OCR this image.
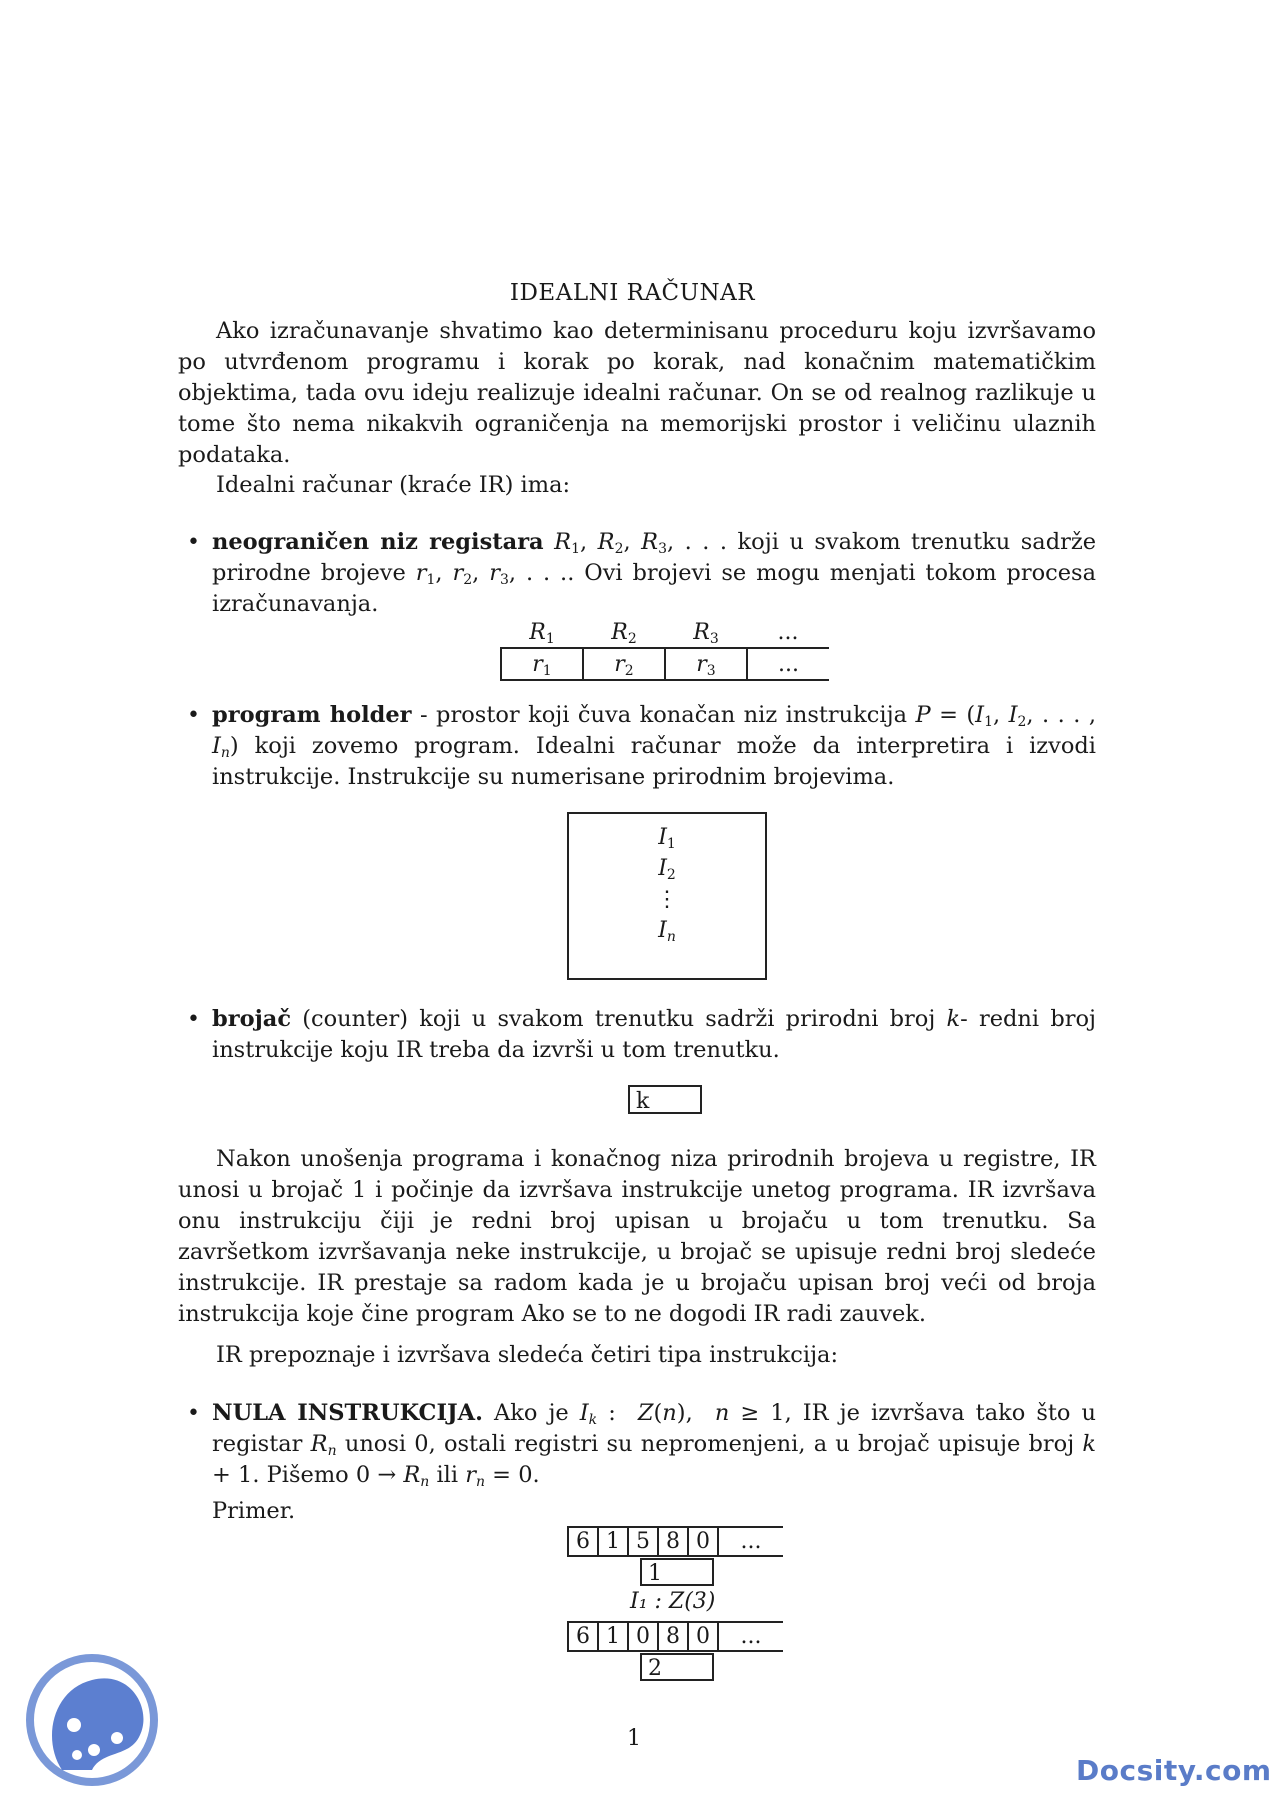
IDEALNI RAČUNAR
Ako izračunavanje shvatimo kao determinisanu proceduru koju izvršavamo po utvrđenom programu i korak po korak, nad konačnim matematičkim objektima, tada ovu ideju realizuje idealni računar. On se od realnog razlikuje u tome što nema nikakvih ograničenja na memorijski prostor i veličinu ulaznih podataka.
Idealni računar (kraće IR) ima:
• neograničen niz registara $R_1$, $R_2$, $R_3$, . . . koji u svakom trenutku sadrže prirodne brojeve $r_1$, $r_2$, $r_3$, . . .. Ovi brojevi se mogu menjati tokom procesa izračunavanja.
$R_1$	$R_2$	$R_3$	...
$r_1$	$r_2$	$r_3$	...
• program holder - prostor koji čuva konačan niz instrukcija $P = (I_1$, $I_2$, . . . , $I_n$) koji zovemo program. Idealni računar može da interpretira i izvodi instrukcije. Instrukcije su numerisane prirodnim brojevima.
$I_1$
$I_2$
⋮
$I_n$
• brojač (counter) koji u svakom trenutku sadrži prirodni broj k- redni broj instrukcije koju IR treba da izvrši u tom trenutku.
k
Nakon unošenja programa i konačnog niza prirodnih brojeva u registre, IR unosi u brojač 1 i počinje da izvršava instrukcije unetog programa. IR izvršava onu instrukciju čiji je redni broj upisan u brojaču u tom trenutku. Sa završetkom izvršavanja neke instrukcije, u brojač se upisuje redni broj sledeće instrukcije. IR prestaje sa radom kada je u brojaču upisan broj veći od broja instrukcija koje čine program Ako se to ne dogodi IR radi zauvek.
IR prepoznaje i izvršava sledeća četiri tipa instrukcija:
• NULA INSTRUKCIJA. Ako je $I_k$ :  Z(n),  n ≥ 1, IR je izvršava tako što u registar $R_n$ unosi 0, ostali registri su nepromenjeni, a u brojač upisuje broj k + 1. Pišemo $0 \to R_n$ ili $r_n = 0$.
Primer.
6	1	5	8	0	...
1
I₁ : Z(3)
6	1	0	8	0	...
2
1
Docsity.com
